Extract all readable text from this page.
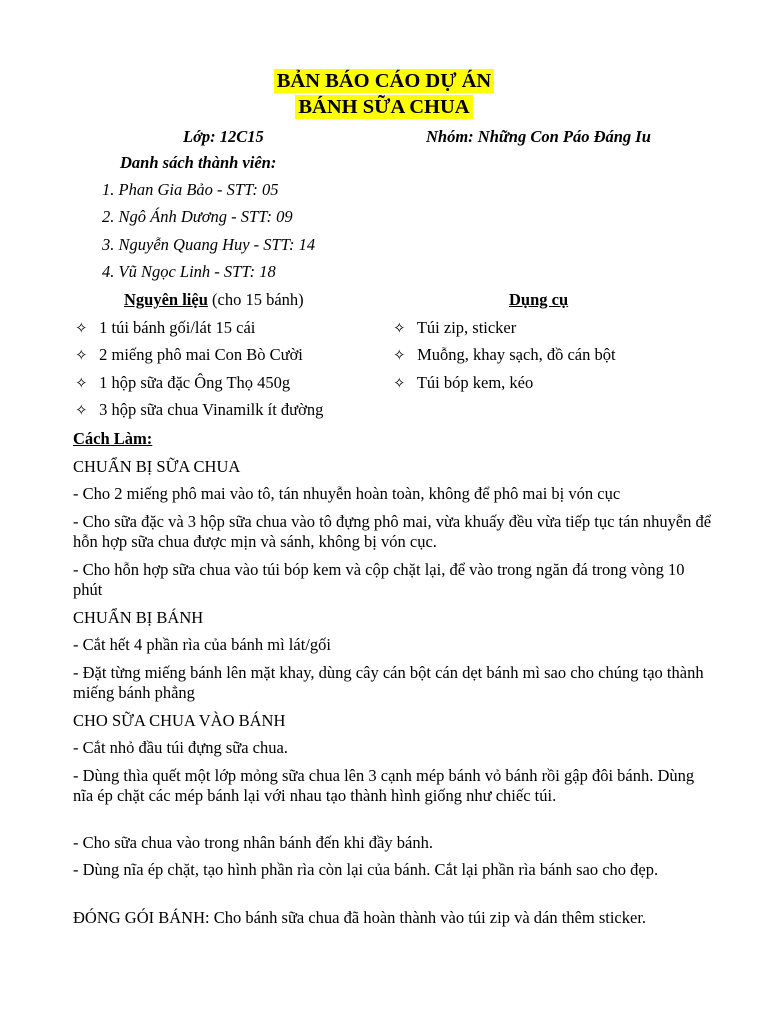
BẢN BÁO CÁO DỰ ÁN
BÁNH SỮA CHUA
Lớp: 12C15	Nhóm: Những Con Páo Đáng Iu
Danh sách thành viên:
1. Phan Gia Bảo - STT: 05
2. Ngô Ánh Dương - STT: 09
3. Nguyễn Quang Huy - STT: 14
4. Vũ Ngọc Linh - STT: 18
Nguyên liệu (cho 15 bánh)	Dụng cụ
✧ 1 túi bánh gối/lát 15 cái
✧ 2 miếng phô mai Con Bò Cười
✧ 1 hộp sữa đặc Ông Thọ 450g
✧ 3 hộp sữa chua Vinamilk ít đường
✧ Túi zip, sticker
✧ Muỗng, khay sạch, đồ cán bột
✧ Túi bóp kem, kéo
Cách Làm:
CHUẨN BỊ SỮA CHUA
- Cho 2 miếng phô mai vào tô, tán nhuyễn hoàn toàn, không để phô mai bị vón cục
- Cho sữa đặc và 3 hộp sữa chua vào tô đựng phô mai, vừa khuấy đều vừa tiếp tục tán nhuyễn để hỗn hợp sữa chua được mịn và sánh, không bị vón cục.
- Cho hỗn hợp sữa chua vào túi bóp kem và cộp chặt lại, để vào trong ngăn đá trong vòng 10 phút
CHUẨN BỊ BÁNH
- Cắt hết 4 phần rìa của bánh mì lát/gối
- Đặt từng miếng bánh lên mặt khay, dùng cây cán bột cán dẹt bánh mì sao cho chúng tạo thành miếng bánh phẳng
CHO SỮA CHUA VÀO BÁNH
- Cắt nhỏ đầu túi đựng sữa chua.
- Dùng thìa quết một lớp mỏng sữa chua lên 3 cạnh mép bánh vỏ bánh rồi gập đôi bánh. Dùng nĩa ép chặt các mép bánh lại với nhau tạo thành hình giống như chiếc túi.
- Cho sữa chua vào trong nhân bánh đến khi đầy bánh.
- Dùng nĩa ép chặt, tạo hình phần rìa còn lại của bánh. Cắt lại phần rìa bánh sao cho đẹp.
ĐÓNG GÓI BÁNH: Cho bánh sữa chua đã hoàn thành vào túi zip và dán thêm sticker.
